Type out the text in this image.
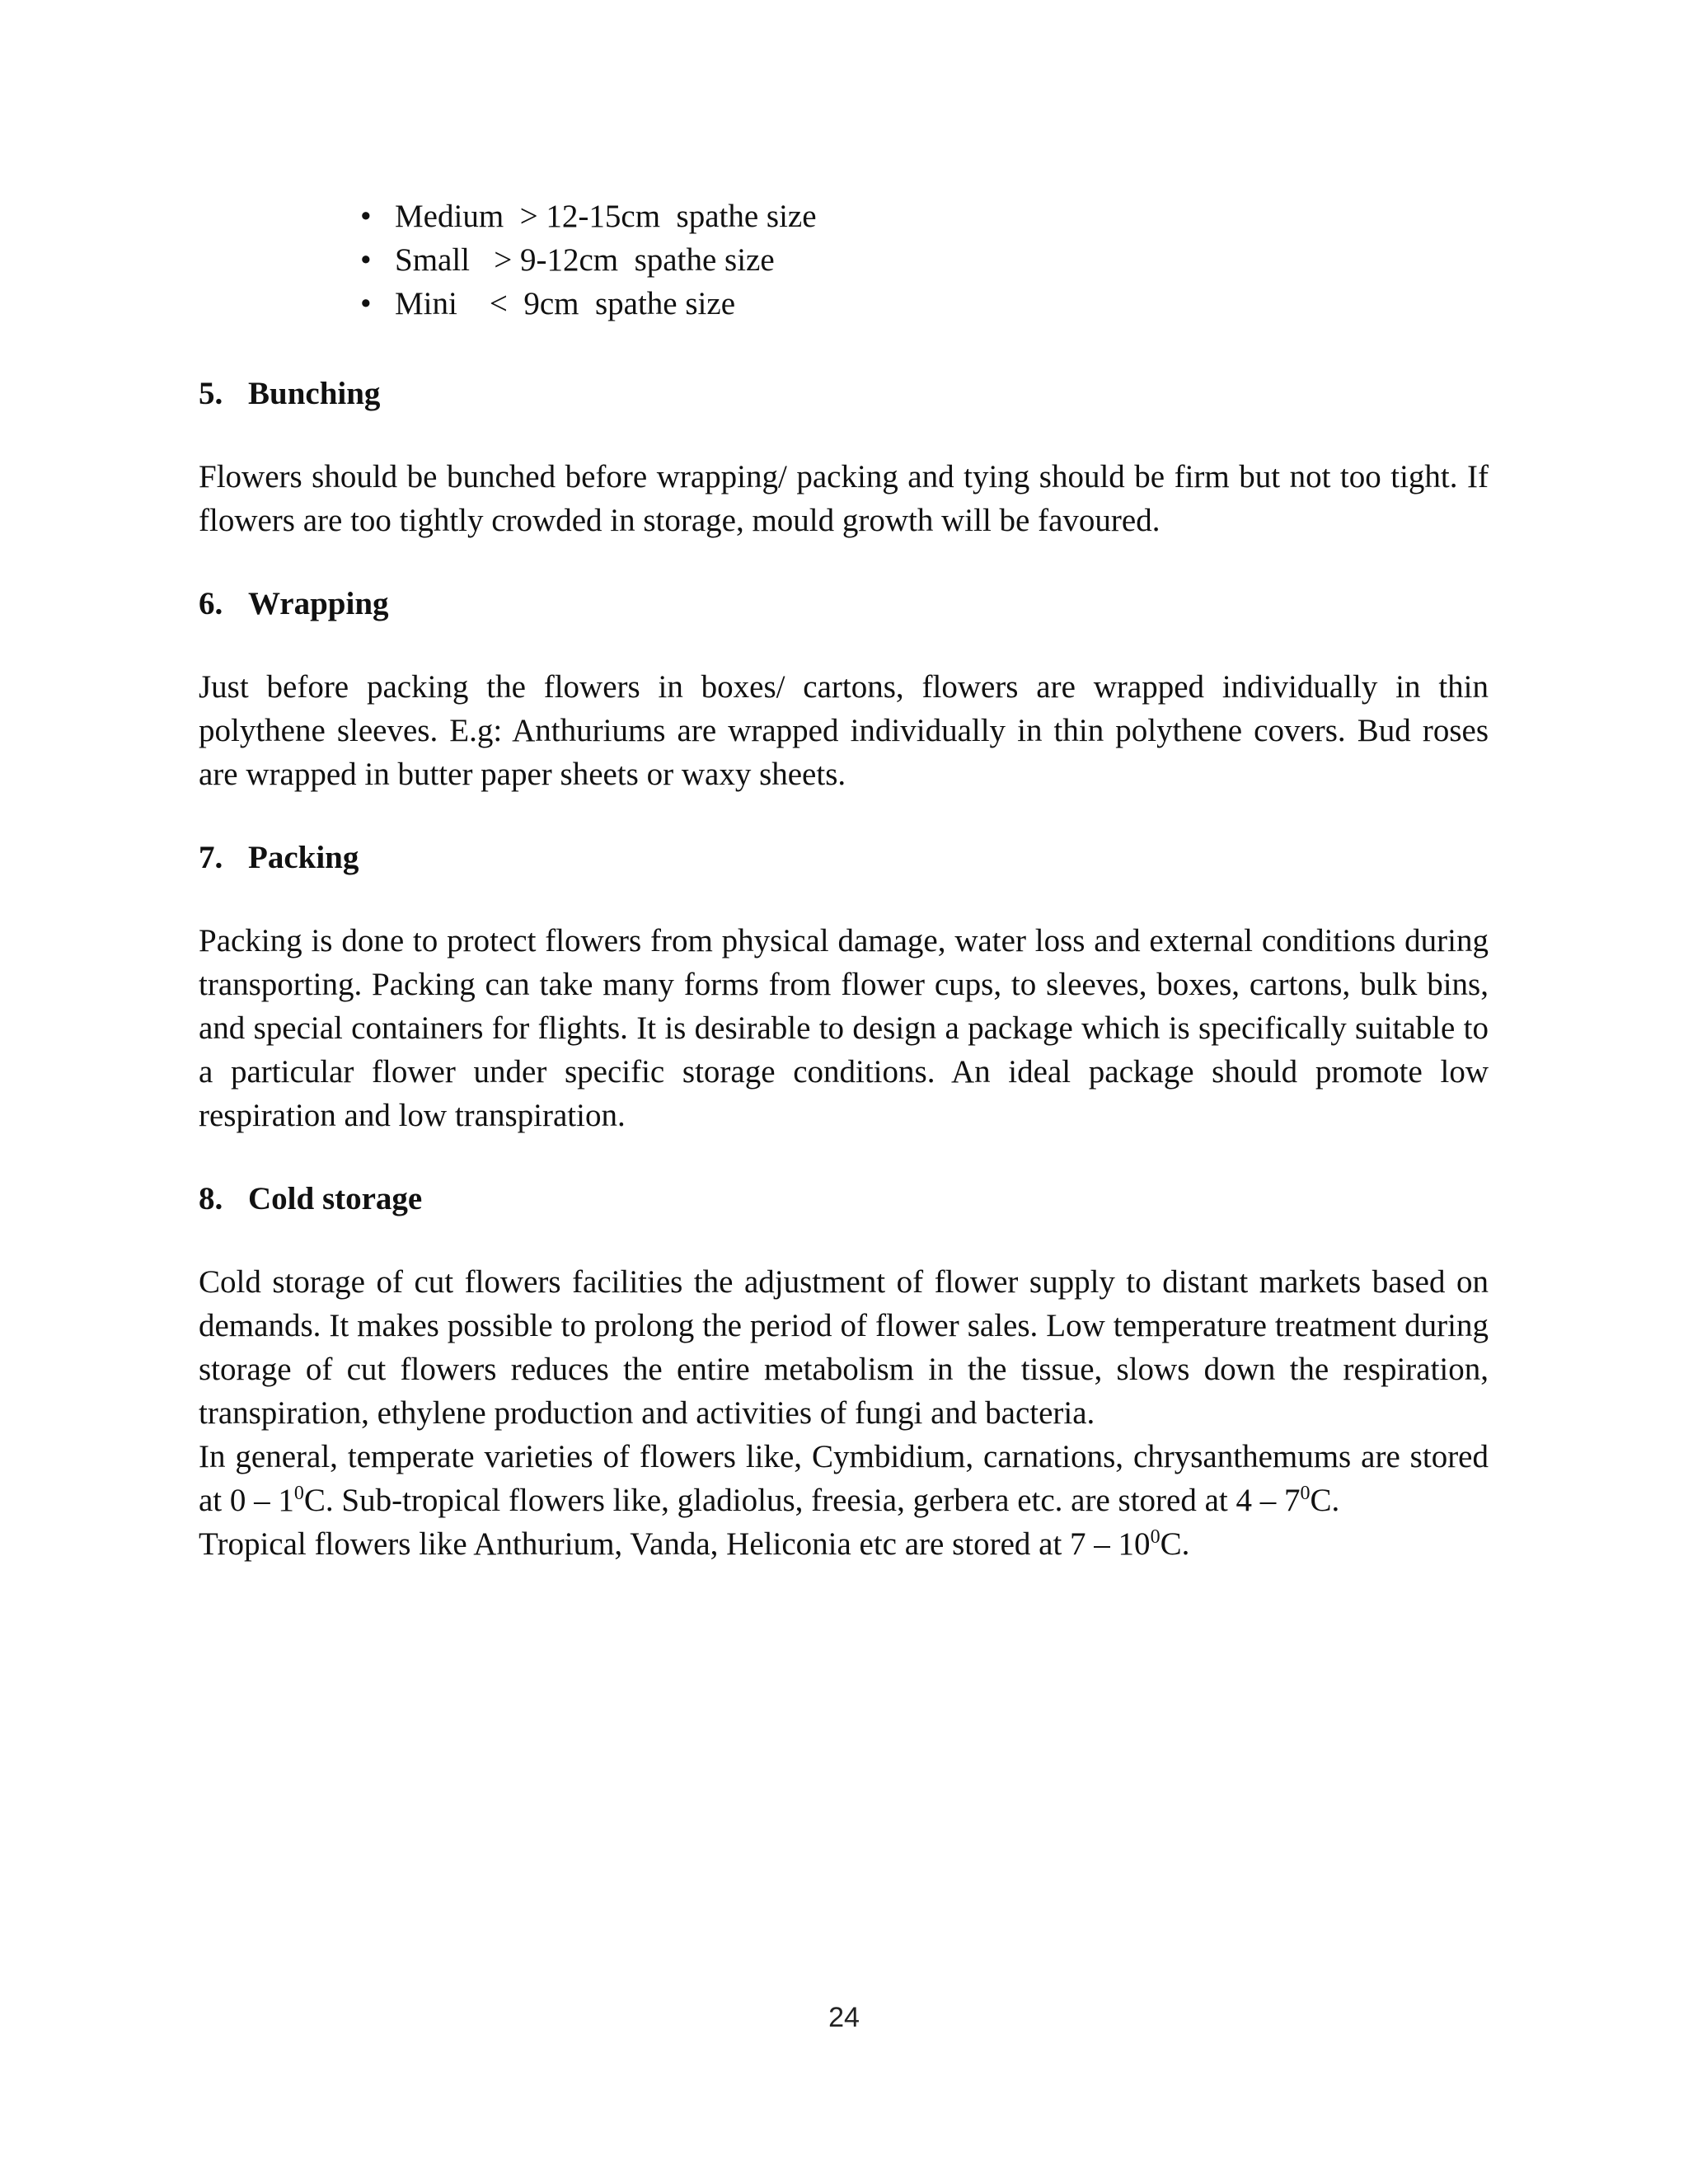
• Medium  > 12-15cm  spathe size
• Small   > 9-12cm  spathe size
• Mini    <  9cm  spathe size
5. Bunching

Flowers should be bunched before wrapping/ packing and tying should be firm but not too tight. If flowers are too tightly crowded in storage, mould growth will be favoured.

6. Wrapping

Just before packing the flowers in boxes/ cartons, flowers are wrapped individually in thin polythene sleeves. E.g: Anthuriums are wrapped individually in thin polythene covers. Bud roses are wrapped in butter paper sheets or waxy sheets.

7. Packing

Packing is done to protect flowers from physical damage, water loss and external conditions during transporting. Packing can take many forms from flower cups, to sleeves, boxes, cartons, bulk bins, and special containers for flights. It is desirable to design a package which is specifically suitable to a particular flower under specific storage conditions. An ideal package should promote low respiration and low transpiration.

8. Cold storage

Cold storage of cut flowers facilities the adjustment of flower supply to distant markets based on demands. It makes possible to prolong the period of flower sales. Low temperature treatment during storage of cut flowers reduces the entire metabolism in the tissue, slows down the respiration, transpiration, ethylene production and activities of fungi and bacteria.

In general, temperate varieties of flowers like, Cymbidium, carnations, chrysanthemums are stored at $0 - 1^0C$. Sub-tropical flowers like, gladiolus, freesia, gerbera etc. are stored at $4 - 7^0C$.

Tropical flowers like Anthurium, Vanda, Heliconia etc are stored at $7 - 10^0C$.

24
